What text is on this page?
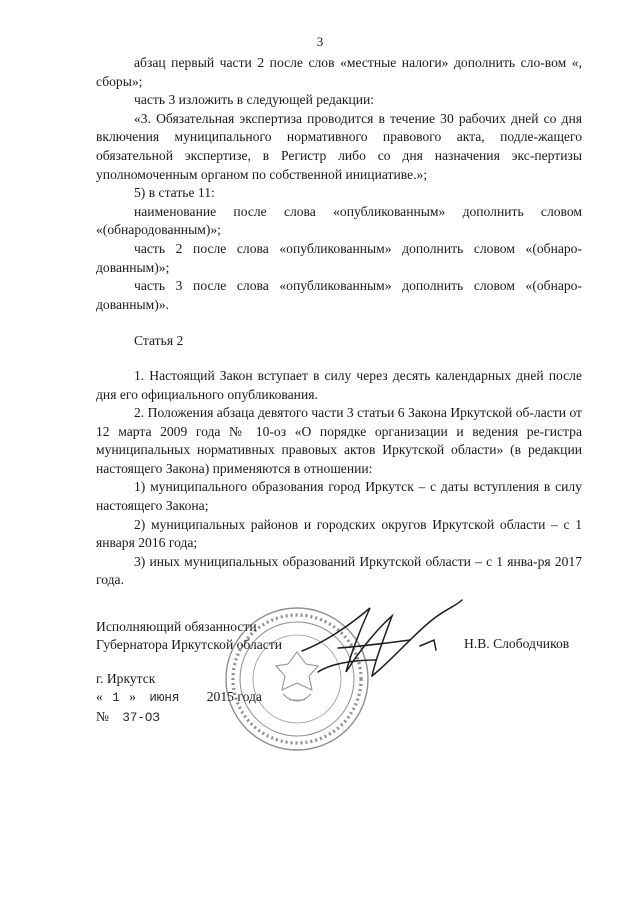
3

абзац первый части 2 после слов «местные налоги» дополнить сло-вом «, сборы»;

часть 3 изложить в следующей редакции:

«3. Обязательная экспертиза проводится в течение 30 рабочих дней со дня включения муниципального нормативного правового акта, подле-жащего обязательной экспертизе, в Регистр либо со дня назначения экс-пертизы уполномоченным органом по собственной инициативе.»;

5) в статье 11:

наименование после слова «опубликованным» дополнить словом «(обнародованным)»;

часть 2 после слова «опубликованным» дополнить словом «(обнаро-дованным)»;

часть 3 после слова «опубликованным» дополнить словом «(обнаро-дованным)».

Статья 2

1. Настоящий Закон вступает в силу через десять календарных дней после дня его официального опубликования.

2. Положения абзаца девятого части 3 статьи 6 Закона Иркутской об-ласти от 12 марта 2009 года № 10-оз «О порядке организации и ведения ре-гистра муниципальных нормативных правовых актов Иркутской области» (в редакции настоящего Закона) применяются в отношении:

1) муниципального образования город Иркутск – с даты вступления в силу настоящего Закона;

2) муниципальных районов и городских округов Иркутской области – с 1 января 2016 года;

3) иных муниципальных образований Иркутской области – с 1 янва-ря 2017 года.

Исполняющий обязанности
Губернатора Иркутской области	Н.В. Слободчиков
г. Иркутск
« 1 » июня 2015 года
№ 37-ОЗ
